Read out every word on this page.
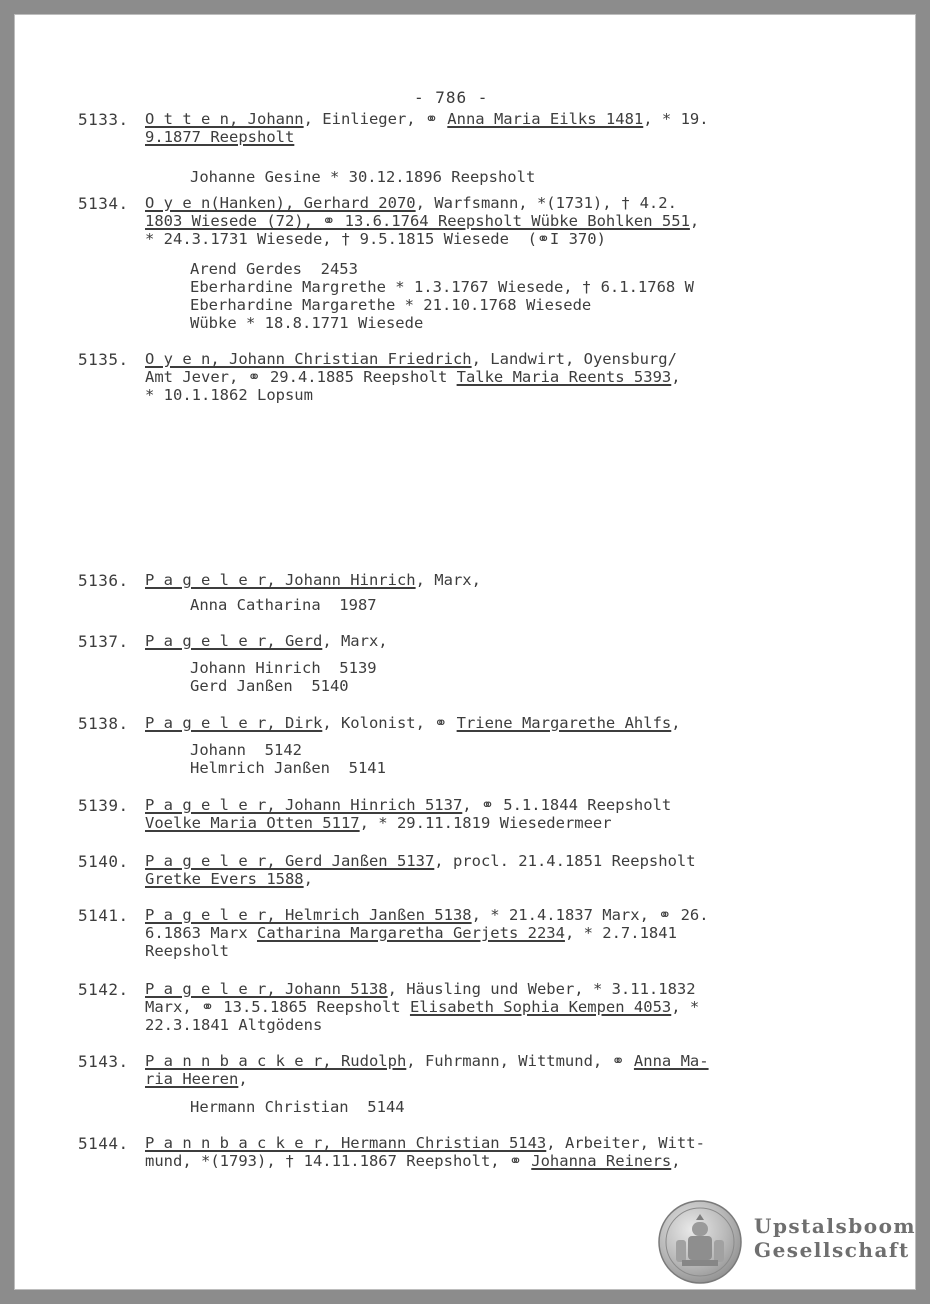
- 786 -
5133. O t t e n, Johann, Einlieger, ⚭ Anna Maria Eilks 1481, * 19.
9.1877 Reepsholt
Johanne Gesine * 30.12.1896 Reepsholt
5134. O y e n(Hanken), Gerhard 2070, Warfsmann, *(1731), † 4.2.
1803 Wiesede (72), ⚭ 13.6.1764 Reepsholt Wübke Bohlken 551,
* 24.3.1731 Wiesede, † 9.5.1815 Wiesede  (⚭I 370)
Arend Gerdes  2453
Eberhardine Margrethe * 1.3.1767 Wiesede, † 6.1.1768 W
Eberhardine Margarethe * 21.10.1768 Wiesede
Wübke * 18.8.1771 Wiesede
5135. O y e n, Johann Christian Friedrich, Landwirt, Oyensburg/
Amt Jever, ⚭ 29.4.1885 Reepsholt Talke Maria Reents 5393,
* 10.1.1862 Lopsum
5136. P a g e l e r, Johann Hinrich, Marx,
Anna Catharina  1987
5137. P a g e l e r, Gerd, Marx,
Johann Hinrich  5139
Gerd Janßen  5140
5138. P a g e l e r, Dirk, Kolonist, ⚭ Triene Margarethe Ahlfs,
Johann  5142
Helmrich Janßen  5141
5139. P a g e l e r, Johann Hinrich 5137, ⚭ 5.1.1844 Reepsholt
Voelke Maria Otten 5117, * 29.11.1819 Wiesedermeer
5140. P a g e l e r, Gerd Janßen 5137, procl. 21.4.1851 Reepsholt
Gretke Evers 1588,
5141. P a g e l e r, Helmrich Janßen 5138, * 21.4.1837 Marx, ⚭ 26.
6.1863 Marx Catharina Margaretha Gerjets 2234, * 2.7.1841
Reepsholt
5142. P a g e l e r, Johann 5138, Häusling und Weber, * 3.11.1832
Marx, ⚭ 13.5.1865 Reepsholt Elisabeth Sophia Kempen 4053, *
22.3.1841 Altgödens
5143. P a n n b a c k e r, Rudolph, Fuhrmann, Wittmund, ⚭ Anna Ma-
ria Heeren,
Hermann Christian  5144
5144. P a n n b a c k e r, Hermann Christian 5143, Arbeiter, Witt-
mund, *(1793), † 14.11.1867 Reepsholt, ⚭ Johanna Reiners,
Upstalsboom
Gesellschaft
